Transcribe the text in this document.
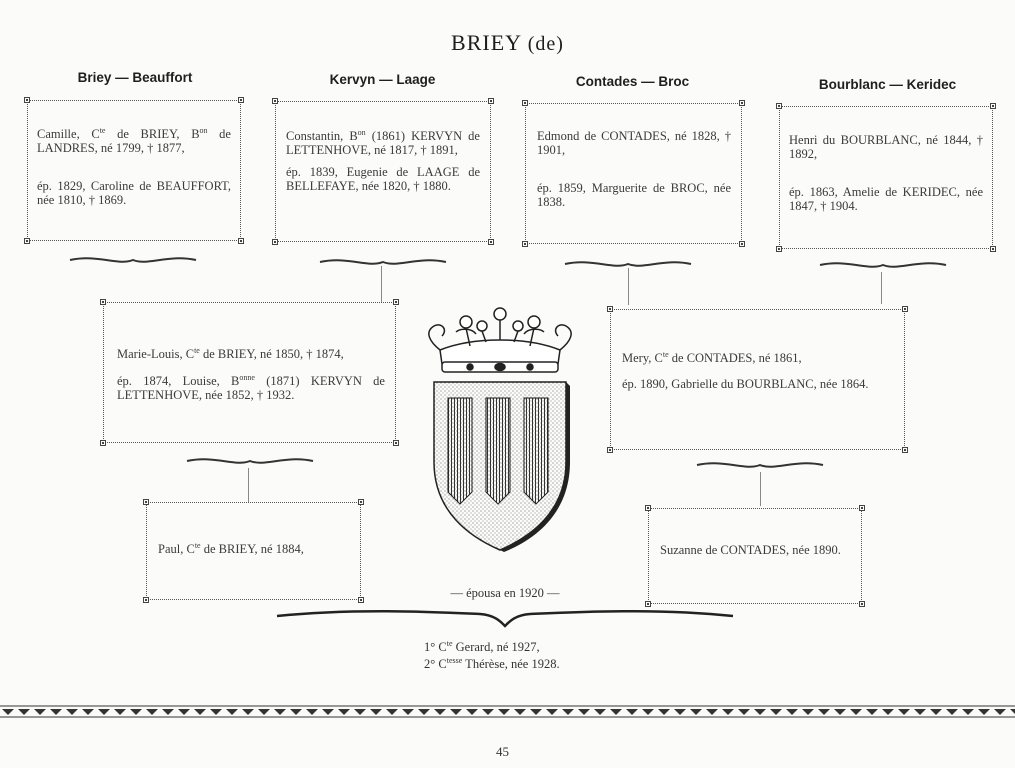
BRIEY (de)
Briey — Beauffort	Kervyn — Laage	Contades — Broc	Bourblanc — Keridec

Camille, $C^{te}$ de BRIEY, $B^{on}$ de LANDRES, né 1799, † 1877,

ép. 1829, Caroline de BEAUFFORT, née 1810, † 1869.

Constantin, $B^{on}$ (1861) KERVYN de LETTENHOVE, né 1817, † 1891,

ép. 1839, Eugenie de LAAGE de BELLEFAYE, née 1820, † 1880.

Edmond de CONTADES, né 1828, † 1901,

ép. 1859, Marguerite de BROC, née 1838.

Henri du BOURBLANC, né 1844, † 1892,

ép. 1863, Amelie de KERIDEC, née 1847, † 1904.

Marie-Louis, $C^{te}$ de BRIEY, né 1850, † 1874,

ép. 1874, Louise, $B^{onne}$ (1871) KERVYN de LETTENHOVE, née 1852, † 1932.

Mery, $C^{te}$ de CONTADES, né 1861,

ép. 1890, Gabrielle du BOURBLANC, née 1864.

Paul, $C^{te}$ de BRIEY, né 1884,	Suzanne de CONTADES, née 1890.

— épousa en 1920 —
1° $C^{te}$ Gerard, né 1927,
2° $C^{tesse}$ Thérèse, née 1928.
45
